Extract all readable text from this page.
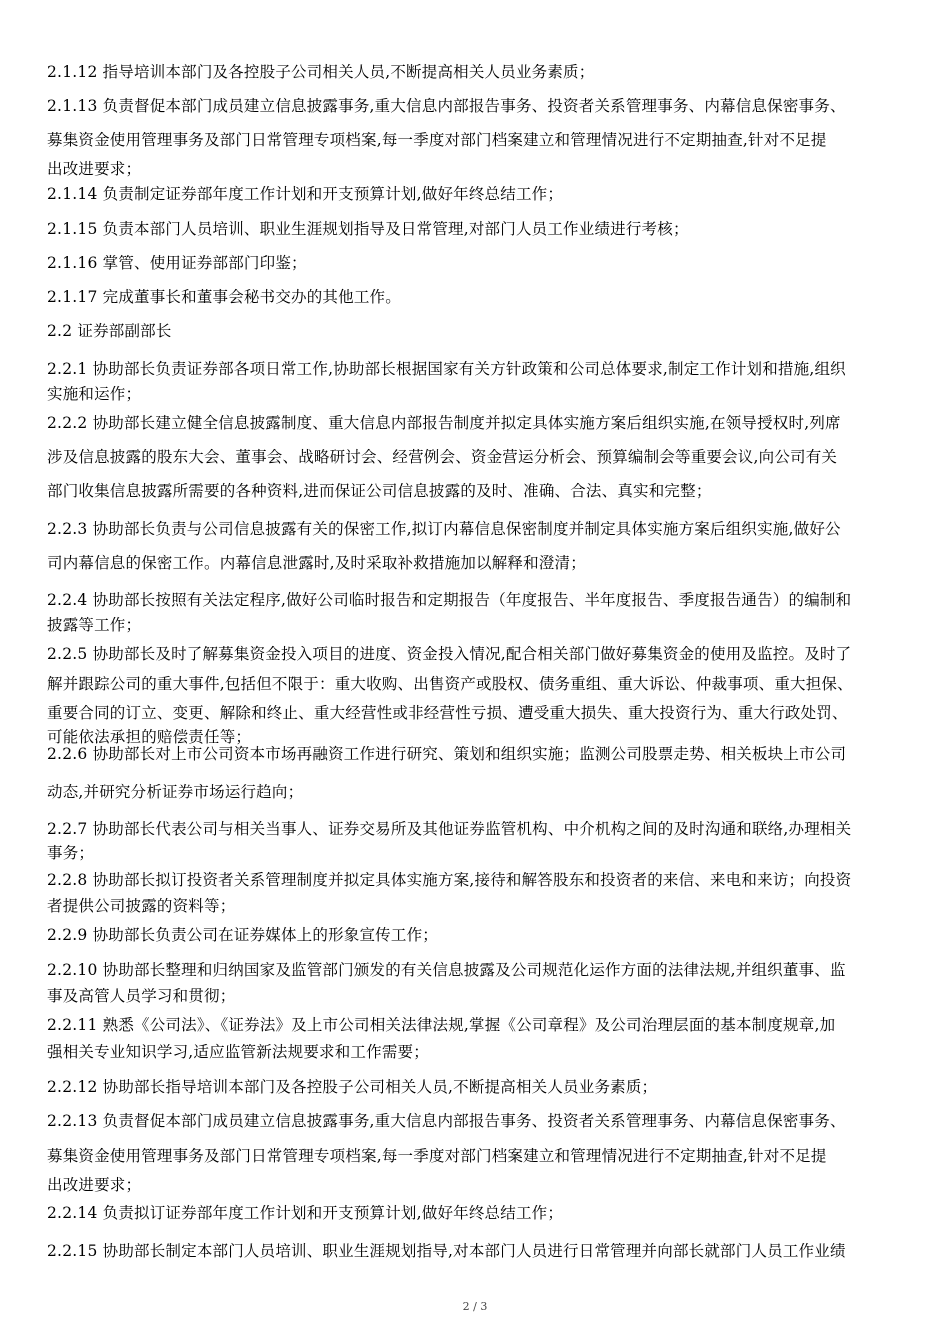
2.1.12 指导培训本部门及各控股子公司相关人员,不断提高相关人员业务素质；
2.1.13 负责督促本部门成员建立信息披露事务,重大信息内部报告事务、投资者关系管理事务、内幕信息保密事务、
募集资金使用管理事务及部门日常管理专项档案,每一季度对部门档案建立和管理情况进行不定期抽查,针对不足提
出改进要求；
2.1.14 负责制定证券部年度工作计划和开支预算计划,做好年终总结工作；
2.1.15 负责本部门人员培训、职业生涯规划指导及日常管理,对部门人员工作业绩进行考核；
2.1.16 掌管、使用证券部部门印鉴；
2.1.17 完成董事长和董事会秘书交办的其他工作。
2.2 证券部副部长
2.2.1 协助部长负责证券部各项日常工作,协助部长根据国家有关方针政策和公司总体要求,制定工作计划和措施,组织
实施和运作；
2.2.2 协助部长建立健全信息披露制度、重大信息内部报告制度并拟定具体实施方案后组织实施,在领导授权时,列席
涉及信息披露的股东大会、董事会、战略研讨会、经营例会、资金营运分析会、预算编制会等重要会议,向公司有关
部门收集信息披露所需要的各种资料,进而保证公司信息披露的及时、准确、合法、真实和完整；
2.2.3 协助部长负责与公司信息披露有关的保密工作,拟订内幕信息保密制度并制定具体实施方案后组织实施,做好公
司内幕信息的保密工作。内幕信息泄露时,及时采取补救措施加以解释和澄清；
2.2.4 协助部长按照有关法定程序,做好公司临时报告和定期报告（年度报告、半年度报告、季度报告通告）的编制和
披露等工作；
2.2.5 协助部长及时了解募集资金投入项目的进度、资金投入情况,配合相关部门做好募集资金的使用及监控。及时了
解并跟踪公司的重大事件,包括但不限于：重大收购、出售资产或股权、债务重组、重大诉讼、仲裁事项、重大担保、
重要合同的订立、变更、解除和终止、重大经营性或非经营性亏损、遭受重大损失、重大投资行为、重大行政处罚、
可能依法承担的赔偿责任等；
2.2.6 协助部长对上市公司资本市场再融资工作进行研究、策划和组织实施；监测公司股票走势、相关板块上市公司
动态,并研究分析证券市场运行趋向；
2.2.7 协助部长代表公司与相关当事人、证券交易所及其他证券监管机构、中介机构之间的及时沟通和联络,办理相关
事务；
2.2.8 协助部长拟订投资者关系管理制度并拟定具体实施方案,接待和解答股东和投资者的来信、来电和来访；向投资
者提供公司披露的资料等；
2.2.9 协助部长负责公司在证券媒体上的形象宣传工作；
2.2.10 协助部长整理和归纳国家及监管部门颁发的有关信息披露及公司规范化运作方面的法律法规,并组织董事、监
事及高管人员学习和贯彻；
2.2.11 熟悉《公司法》、《证券法》及上市公司相关法律法规,掌握《公司章程》及公司治理层面的基本制度规章,加
强相关专业知识学习,适应监管新法规要求和工作需要；
2.2.12 协助部长指导培训本部门及各控股子公司相关人员,不断提高相关人员业务素质；
2.2.13 负责督促本部门成员建立信息披露事务,重大信息内部报告事务、投资者关系管理事务、内幕信息保密事务、
募集资金使用管理事务及部门日常管理专项档案,每一季度对部门档案建立和管理情况进行不定期抽查,针对不足提
出改进要求；
2.2.14 负责拟订证券部年度工作计划和开支预算计划,做好年终总结工作；
2.2.15 协助部长制定本部门人员培训、职业生涯规划指导,对本部门人员进行日常管理并向部长就部门人员工作业绩
2 / 3
